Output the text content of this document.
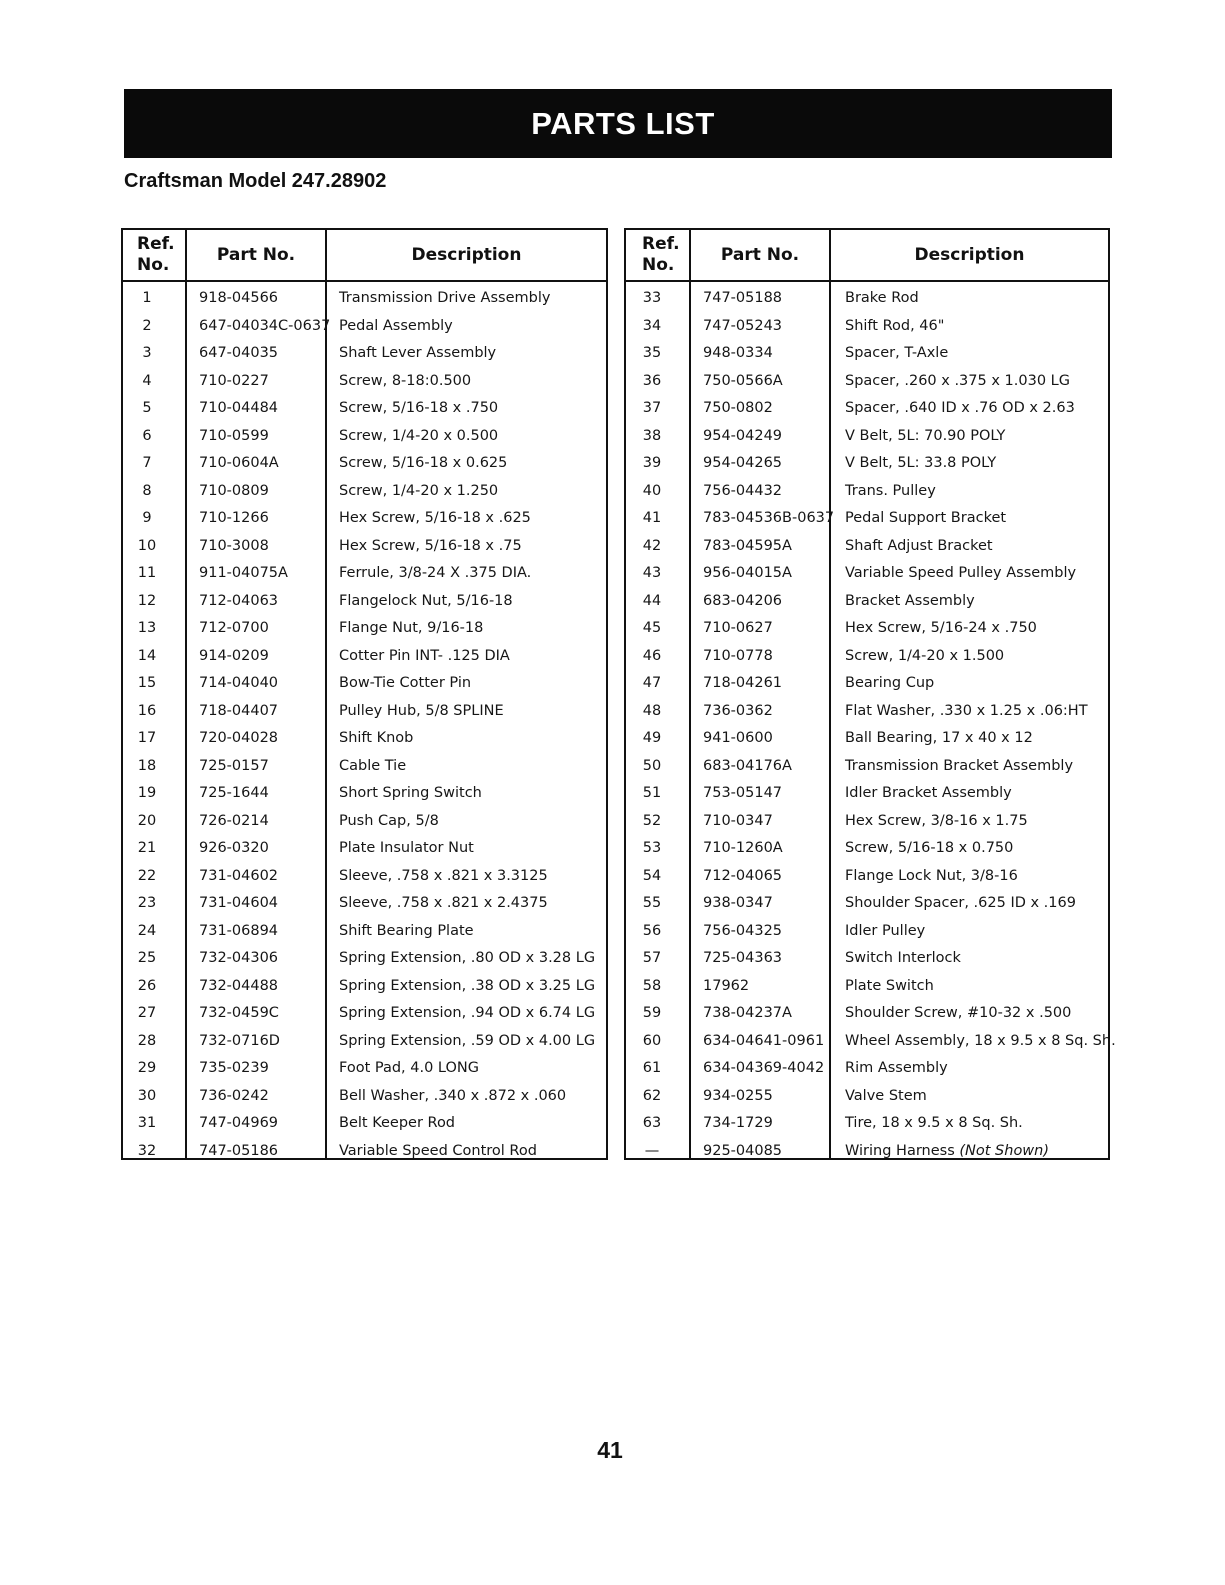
PARTS LIST
Craftsman Model 247.28902
Ref.
No.	Part No.	Description
1	918-04566	Transmission Drive Assembly
2	647-04034C-0637 Pedal Assembly
3	647-04035	Shaft Lever Assembly
4	710-0227	Screw, 8-18:0.500
5	710-04484	Screw, 5/16-18 x .750
6	710-0599	Screw, 1/4-20 x 0.500
7	710-0604A	Screw, 5/16-18 x 0.625
8	710-0809	Screw, 1/4-20 x 1.250
9	710-1266	Hex Screw, 5/16-18 x .625
10	710-3008	Hex Screw, 5/16-18 x .75
11	911-04075A	Ferrule, 3/8-24 X .375 DIA.
12	712-04063	Flangelock Nut, 5/16-18
13	712-0700	Flange Nut, 9/16-18
14	914-0209	Cotter Pin INT- .125 DIA
15	714-04040	Bow-Tie Cotter Pin
16	718-04407	Pulley Hub, 5/8 SPLINE
17	720-04028	Shift Knob
18	725-0157	Cable Tie
19	725-1644	Short Spring Switch
20	726-0214	Push Cap, 5/8
21	926-0320	Plate Insulator Nut
22	731-04602	Sleeve, .758 x .821 x 3.3125
23	731-04604	Sleeve, .758 x .821 x 2.4375
24	731-06894	Shift Bearing Plate
25	732-04306	Spring Extension, .80 OD x 3.28 LG
26	732-04488	Spring Extension, .38 OD x 3.25 LG
27	732-0459C	Spring Extension, .94 OD x 6.74 LG
28	732-0716D	Spring Extension, .59 OD x 4.00 LG
29	735-0239	Foot Pad, 4.0 LONG
30	736-0242	Bell Washer, .340 x .872 x .060
31	747-04969	Belt Keeper Rod
32	747-05186	Variable Speed Control Rod
Ref.
No.	Part No.	Description
33	747-05188	Brake Rod
34	747-05243	Shift Rod, 46"
35	948-0334	Spacer, T-Axle
36	750-0566A	Spacer, .260 x .375 x 1.030 LG
37	750-0802	Spacer, .640 ID x .76 OD x 2.63
38	954-04249	V Belt, 5L: 70.90 POLY
39	954-04265	V Belt, 5L: 33.8 POLY
40	756-04432	Trans. Pulley
41	783-04536B-0637 Pedal Support Bracket
42	783-04595A	Shaft Adjust Bracket
43	956-04015A	Variable Speed Pulley Assembly
44	683-04206	Bracket Assembly
45	710-0627	Hex Screw, 5/16-24 x .750
46	710-0778	Screw, 1/4-20 x 1.500
47	718-04261	Bearing Cup
48	736-0362	Flat Washer, .330 x 1.25 x .06:HT
49	941-0600	Ball Bearing, 17 x 40 x 12
50	683-04176A	Transmission Bracket Assembly
51	753-05147	Idler Bracket Assembly
52	710-0347	Hex Screw, 3/8-16 x 1.75
53	710-1260A	Screw, 5/16-18 x 0.750
54	712-04065	Flange Lock Nut, 3/8-16
55	938-0347	Shoulder Spacer, .625 ID x .169
56	756-04325	Idler Pulley
57	725-04363	Switch Interlock
58	17962	Plate Switch
59	738-04237A	Shoulder Screw, #10-32 x .500
60	634-04641-0961 Wheel Assembly, 18 x 9.5 x 8 Sq. Sh.
61	634-04369-4042 Rim Assembly
62	934-0255	Valve Stem
63	734-1729	Tire, 18 x 9.5 x 8 Sq. Sh.
—	925-04085	Wiring Harness (Not Shown)
41
